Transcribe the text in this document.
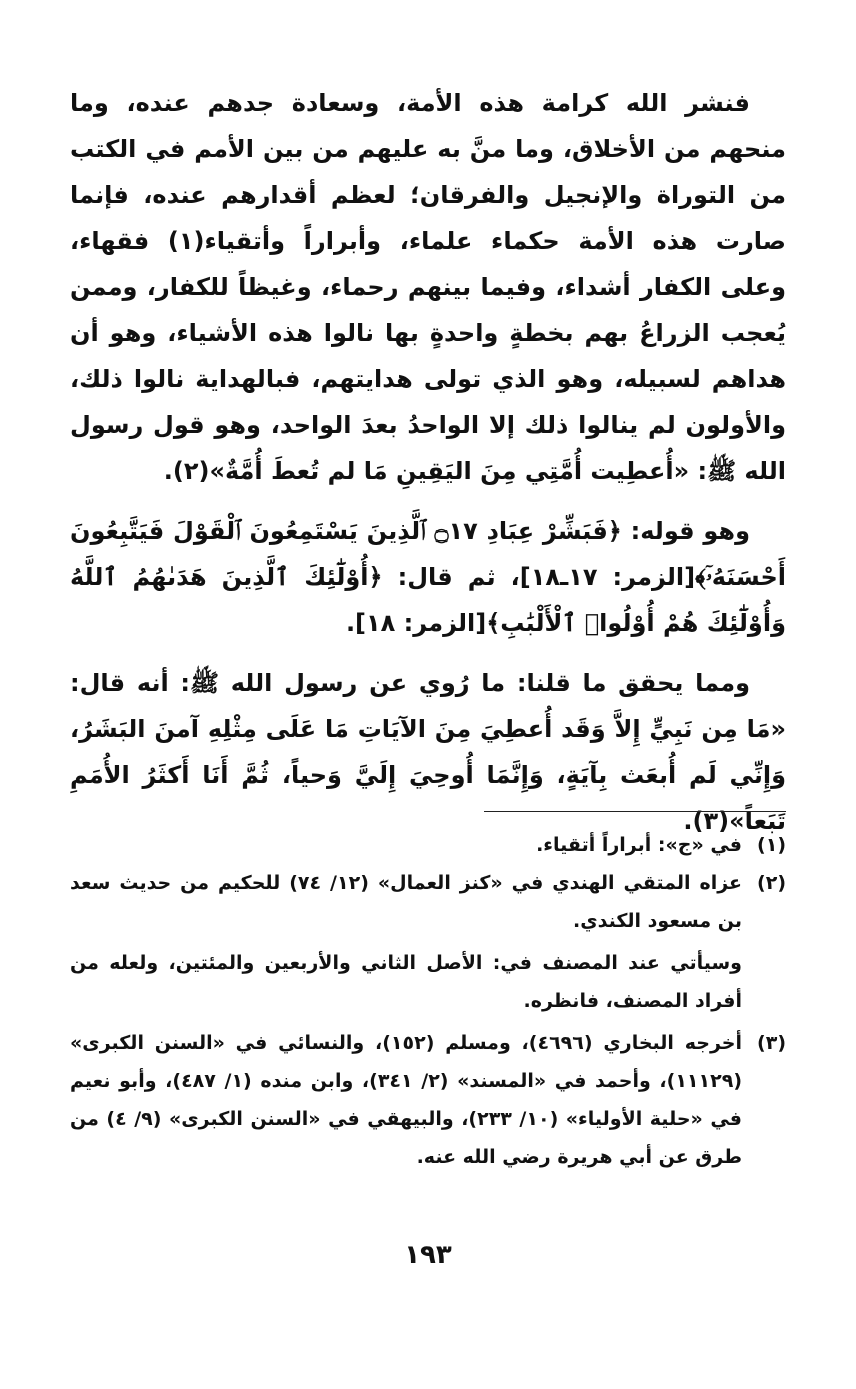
فنشر الله كرامة هذه الأمة، وسعادة جدهم عنده، وما منحهم من الأخلاق، وما منَّ به عليهم من بين الأمم في الكتب من التوراة والإنجيل والفرقان؛ لعظم أقدارهم عنده، فإنما صارت هذه الأمة حكماء علماء، وأبراراً وأتقياء(١) فقهاء، وعلى الكفار أشداء، وفيما بينهم رحماء، وغيظاً للكفار، وممن يُعجب الزراعُ بهم بخطةٍ واحدةٍ بها نالوا هذه الأشياء، وهو أن هداهم لسبيله، وهو الذي تولى هدايتهم، فبالهداية نالوا ذلك، والأولون لم ينالوا ذلك إلا الواحدُ بعدَ الواحد، وهو قول رسول الله ﷺ: «أُعطِيت أُمَّتِي مِنَ اليَقِينِ مَا لم تُعطَ أُمَّةٌ»(٢).

وهو قوله: ﴿فَبَشِّرْ عِبَادِ ۝١٧ ٱلَّذِينَ يَسْتَمِعُونَ ٱلْقَوْلَ فَيَتَّبِعُونَ أَحْسَنَهُۥٓ﴾[الزمر: ١٧ـ١٨]، ثم قال: ﴿أُوْلَٰٓئِكَ ٱلَّذِينَ هَدَىٰهُمُ ٱللَّهُ وَأُوْلَٰٓئِكَ هُمْ أُوْلُوا۟ ٱلْأَلْبَٰبِ﴾[الزمر: ١٨].

ومما يحقق ما قلنا: ما رُوي عن رسول الله ﷺ: أنه قال: «مَا مِن نَبِيٍّ إِلاَّ وَقَد أُعطِيَ مِنَ الآيَاتِ مَا عَلَى مِثْلِهِ آمنَ البَشَرُ، وَإِنِّي لَم أُبعَث بِآيَةٍ، وَإِنَّمَا أُوحِيَ إِلَيَّ وَحياً، ثُمَّ أَنَا أَكثَرُ الأُمَمِ تَبَعاً»(٣).

(١)
في «ج»: أبراراً أتقياء.
(٢)
عزاه المتقي الهندي في «كنز العمال» (١٢/ ٧٤) للحكيم من حديث سعد بن مسعود الكندي.

وسيأتي عند المصنف في: الأصل الثاني والأربعين والمئتين، ولعله من أفراد المصنف، فانظره.

(٣)
أخرجه البخاري (٤٦٩٦)، ومسلم (١٥٢)، والنسائي في «السنن الكبرى» (١١١٢٩)، وأحمد في «المسند» (٢/ ٣٤١)، وابن منده (١/ ٤٨٧)، وأبو نعيم في «حلية الأولياء» (١٠/ ٢٣٣)، والبيهقي في «السنن الكبرى» (٩/ ٤) من طرق عن أبي هريرة رضي الله عنه.
١٩٣
